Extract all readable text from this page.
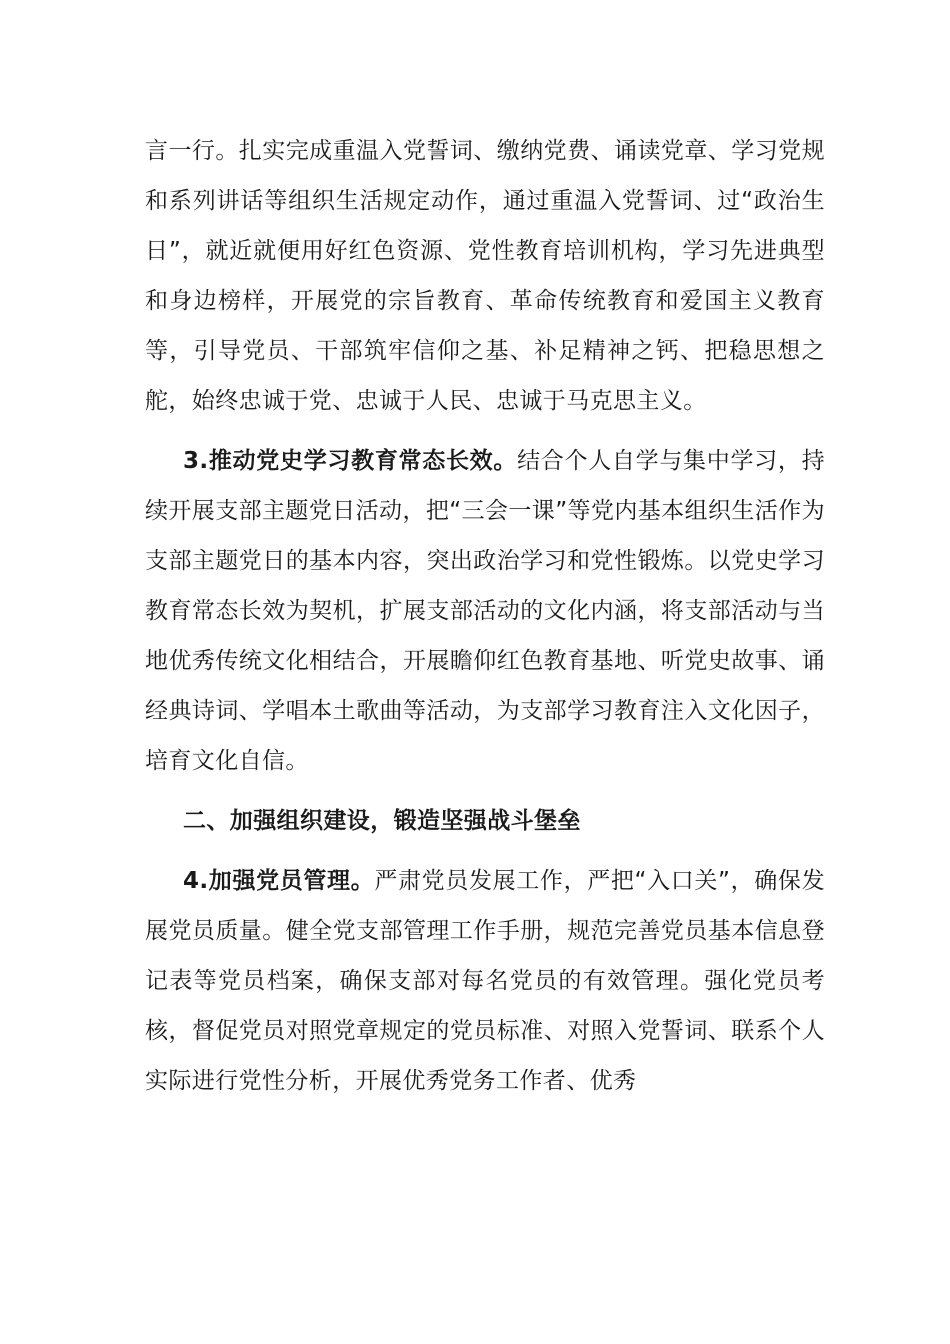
言一行。扎实完成重温入党誓词、缴纳党费、诵读党章、学习党规和系列讲话等组织生活规定动作，通过重温入党誓词、过“政治生日”，就近就便用好红色资源、党性教育培训机构，学习先进典型和身边榜样，开展党的宗旨教育、革命传统教育和爱国主义教育等，引导党员、干部筑牢信仰之基、补足精神之钙、把稳思想之舵，始终忠诚于党、忠诚于人民、忠诚于马克思主义。

3.推动党史学习教育常态长效。结合个人自学与集中学习，持续开展支部主题党日活动，把“三会一课”等党内基本组织生活作为支部主题党日的基本内容，突出政治学习和党性锻炼。以党史学习教育常态长效为契机，扩展支部活动的文化内涵，将支部活动与当地优秀传统文化相结合，开展瞻仰红色教育基地、听党史故事、诵经典诗词、学唱本土歌曲等活动，为支部学习教育注入文化因子，培育文化自信。

二、加强组织建设，锻造坚强战斗堡垒

4.加强党员管理。严肃党员发展工作，严把“入口关”，确保发展党员质量。健全党支部管理工作手册，规范完善党员基本信息登记表等党员档案，确保支部对每名党员的有效管理。强化党员考核，督促党员对照党章规定的党员标准、对照入党誓词、联系个人实际进行党性分析，开展优秀党务工作者、优秀
